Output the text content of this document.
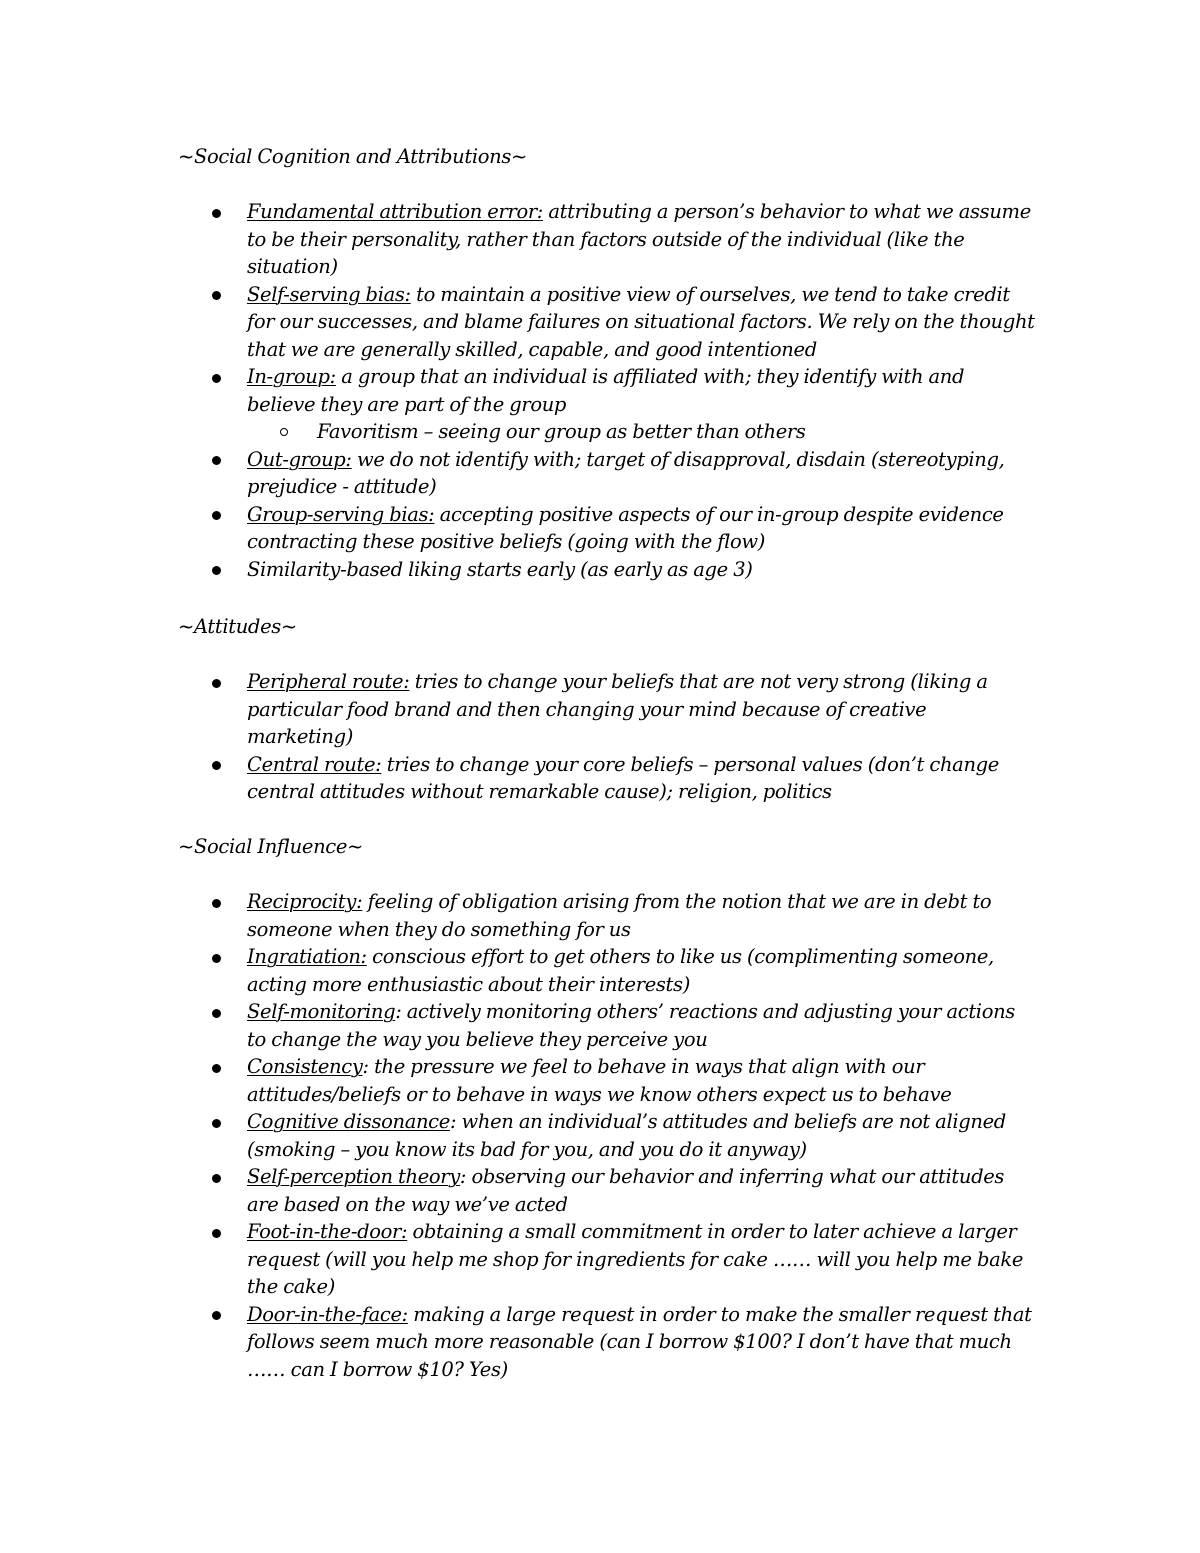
~Social Cognition and Attributions~
Fundamental attribution error: attributing a person’s behavior to what we assume to be their personality, rather than factors outside of the individual (like the situation)
Self-serving bias: to maintain a positive view of ourselves, we tend to take credit for our successes, and blame failures on situational factors. We rely on the thought that we are generally skilled, capable, and good intentioned
In-group: a group that an individual is affiliated with; they identify with and believe they are part of the group
Favoritism – seeing our group as better than others
Out-group: we do not identify with; target of disapproval, disdain (stereotyping, prejudice - attitude)
Group-serving bias: accepting positive aspects of our in-group despite evidence contracting these positive beliefs (going with the flow)
Similarity-based liking starts early (as early as age 3)
~Attitudes~
Peripheral route: tries to change your beliefs that are not very strong (liking a particular food brand and then changing your mind because of creative marketing)
Central route: tries to change your core beliefs – personal values (don’t change central attitudes without remarkable cause); religion, politics
~Social Influence~
Reciprocity: feeling of obligation arising from the notion that we are in debt to someone when they do something for us
Ingratiation: conscious effort to get others to like us (complimenting someone, acting more enthusiastic about their interests)
Self-monitoring: actively monitoring others’ reactions and adjusting your actions to change the way you believe they perceive you
Consistency: the pressure we feel to behave in ways that align with our attitudes/beliefs or to behave in ways we know others expect us to behave
Cognitive dissonance: when an individual’s attitudes and beliefs are not aligned (smoking – you know its bad for you, and you do it anyway)
Self-perception theory: observing our behavior and inferring what our attitudes are based on the way we’ve acted
Foot-in-the-door: obtaining a small commitment in order to later achieve a larger request (will you help me shop for ingredients for cake …… will you help me bake the cake)
Door-in-the-face: making a large request in order to make the smaller request that follows seem much more reasonable (can I borrow $100? I don’t have that much …… can I borrow $10? Yes)
